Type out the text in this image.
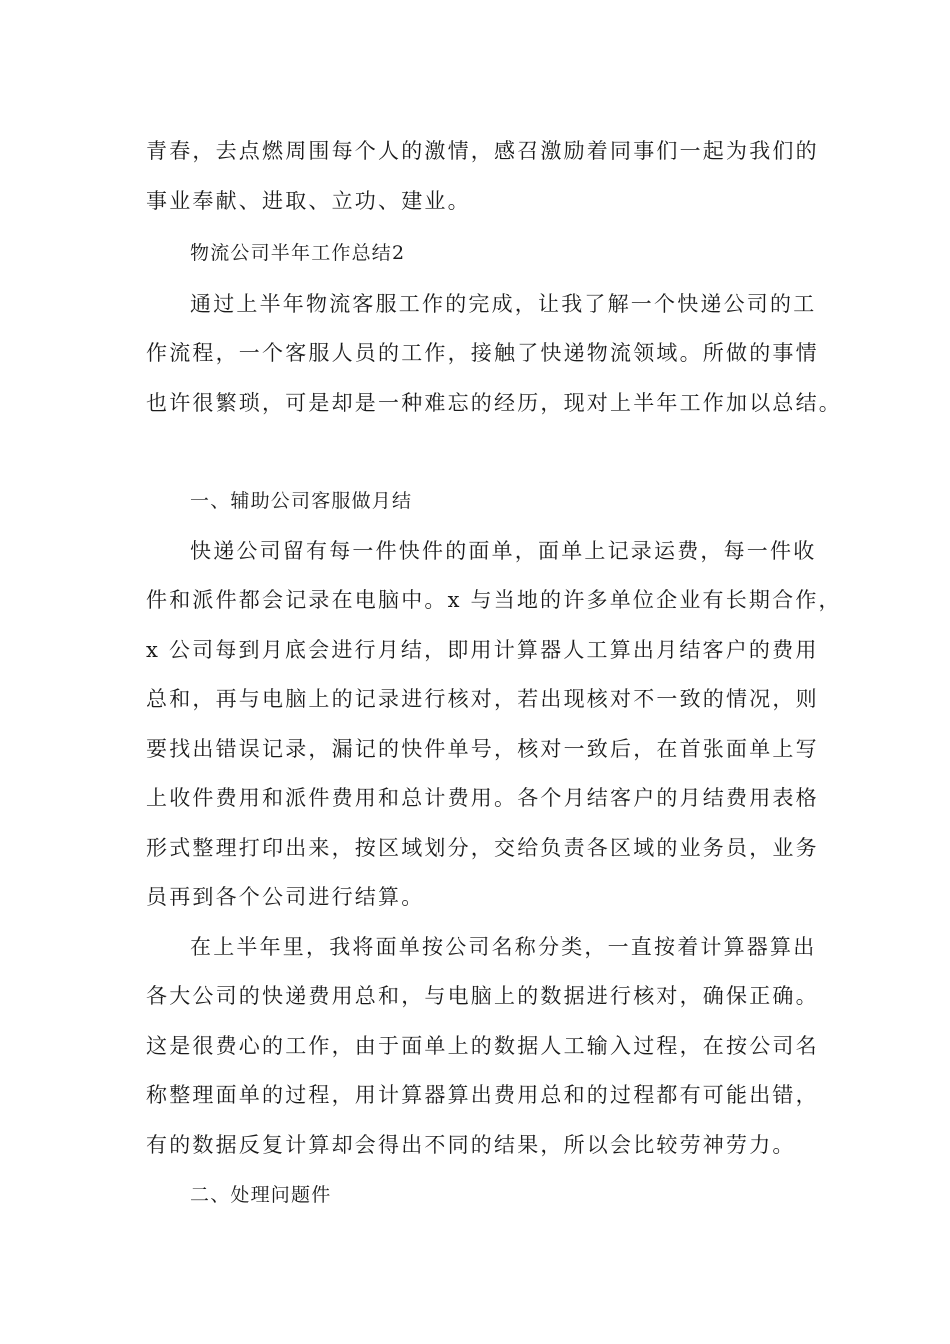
青春，去点燃周围每个人的激情，感召激励着同事们一起为我们的
事业奉献、进取、立功、建业。
物流公司半年工作总结2
通过上半年物流客服工作的完成，让我了解一个快递公司的工
作流程，一个客服人员的工作，接触了快递物流领域。所做的事情
也许很繁琐，可是却是一种难忘的经历，现对上半年工作加以总结。
一、辅助公司客服做月结
快递公司留有每一件快件的面单，面单上记录运费，每一件收
件和派件都会记录在电脑中。x 与当地的许多单位企业有长期合作，
x 公司每到月底会进行月结，即用计算器人工算出月结客户的费用
总和，再与电脑上的记录进行核对，若出现核对不一致的情况，则
要找出错误记录，漏记的快件单号，核对一致后，在首张面单上写
上收件费用和派件费用和总计费用。各个月结客户的月结费用表格
形式整理打印出来，按区域划分，交给负责各区域的业务员，业务
员再到各个公司进行结算。
在上半年里，我将面单按公司名称分类，一直按着计算器算出
各大公司的快递费用总和，与电脑上的数据进行核对，确保正确。
这是很费心的工作，由于面单上的数据人工输入过程，在按公司名
称整理面单的过程，用计算器算出费用总和的过程都有可能出错，
有的数据反复计算却会得出不同的结果，所以会比较劳神劳力。
二、处理问题件
